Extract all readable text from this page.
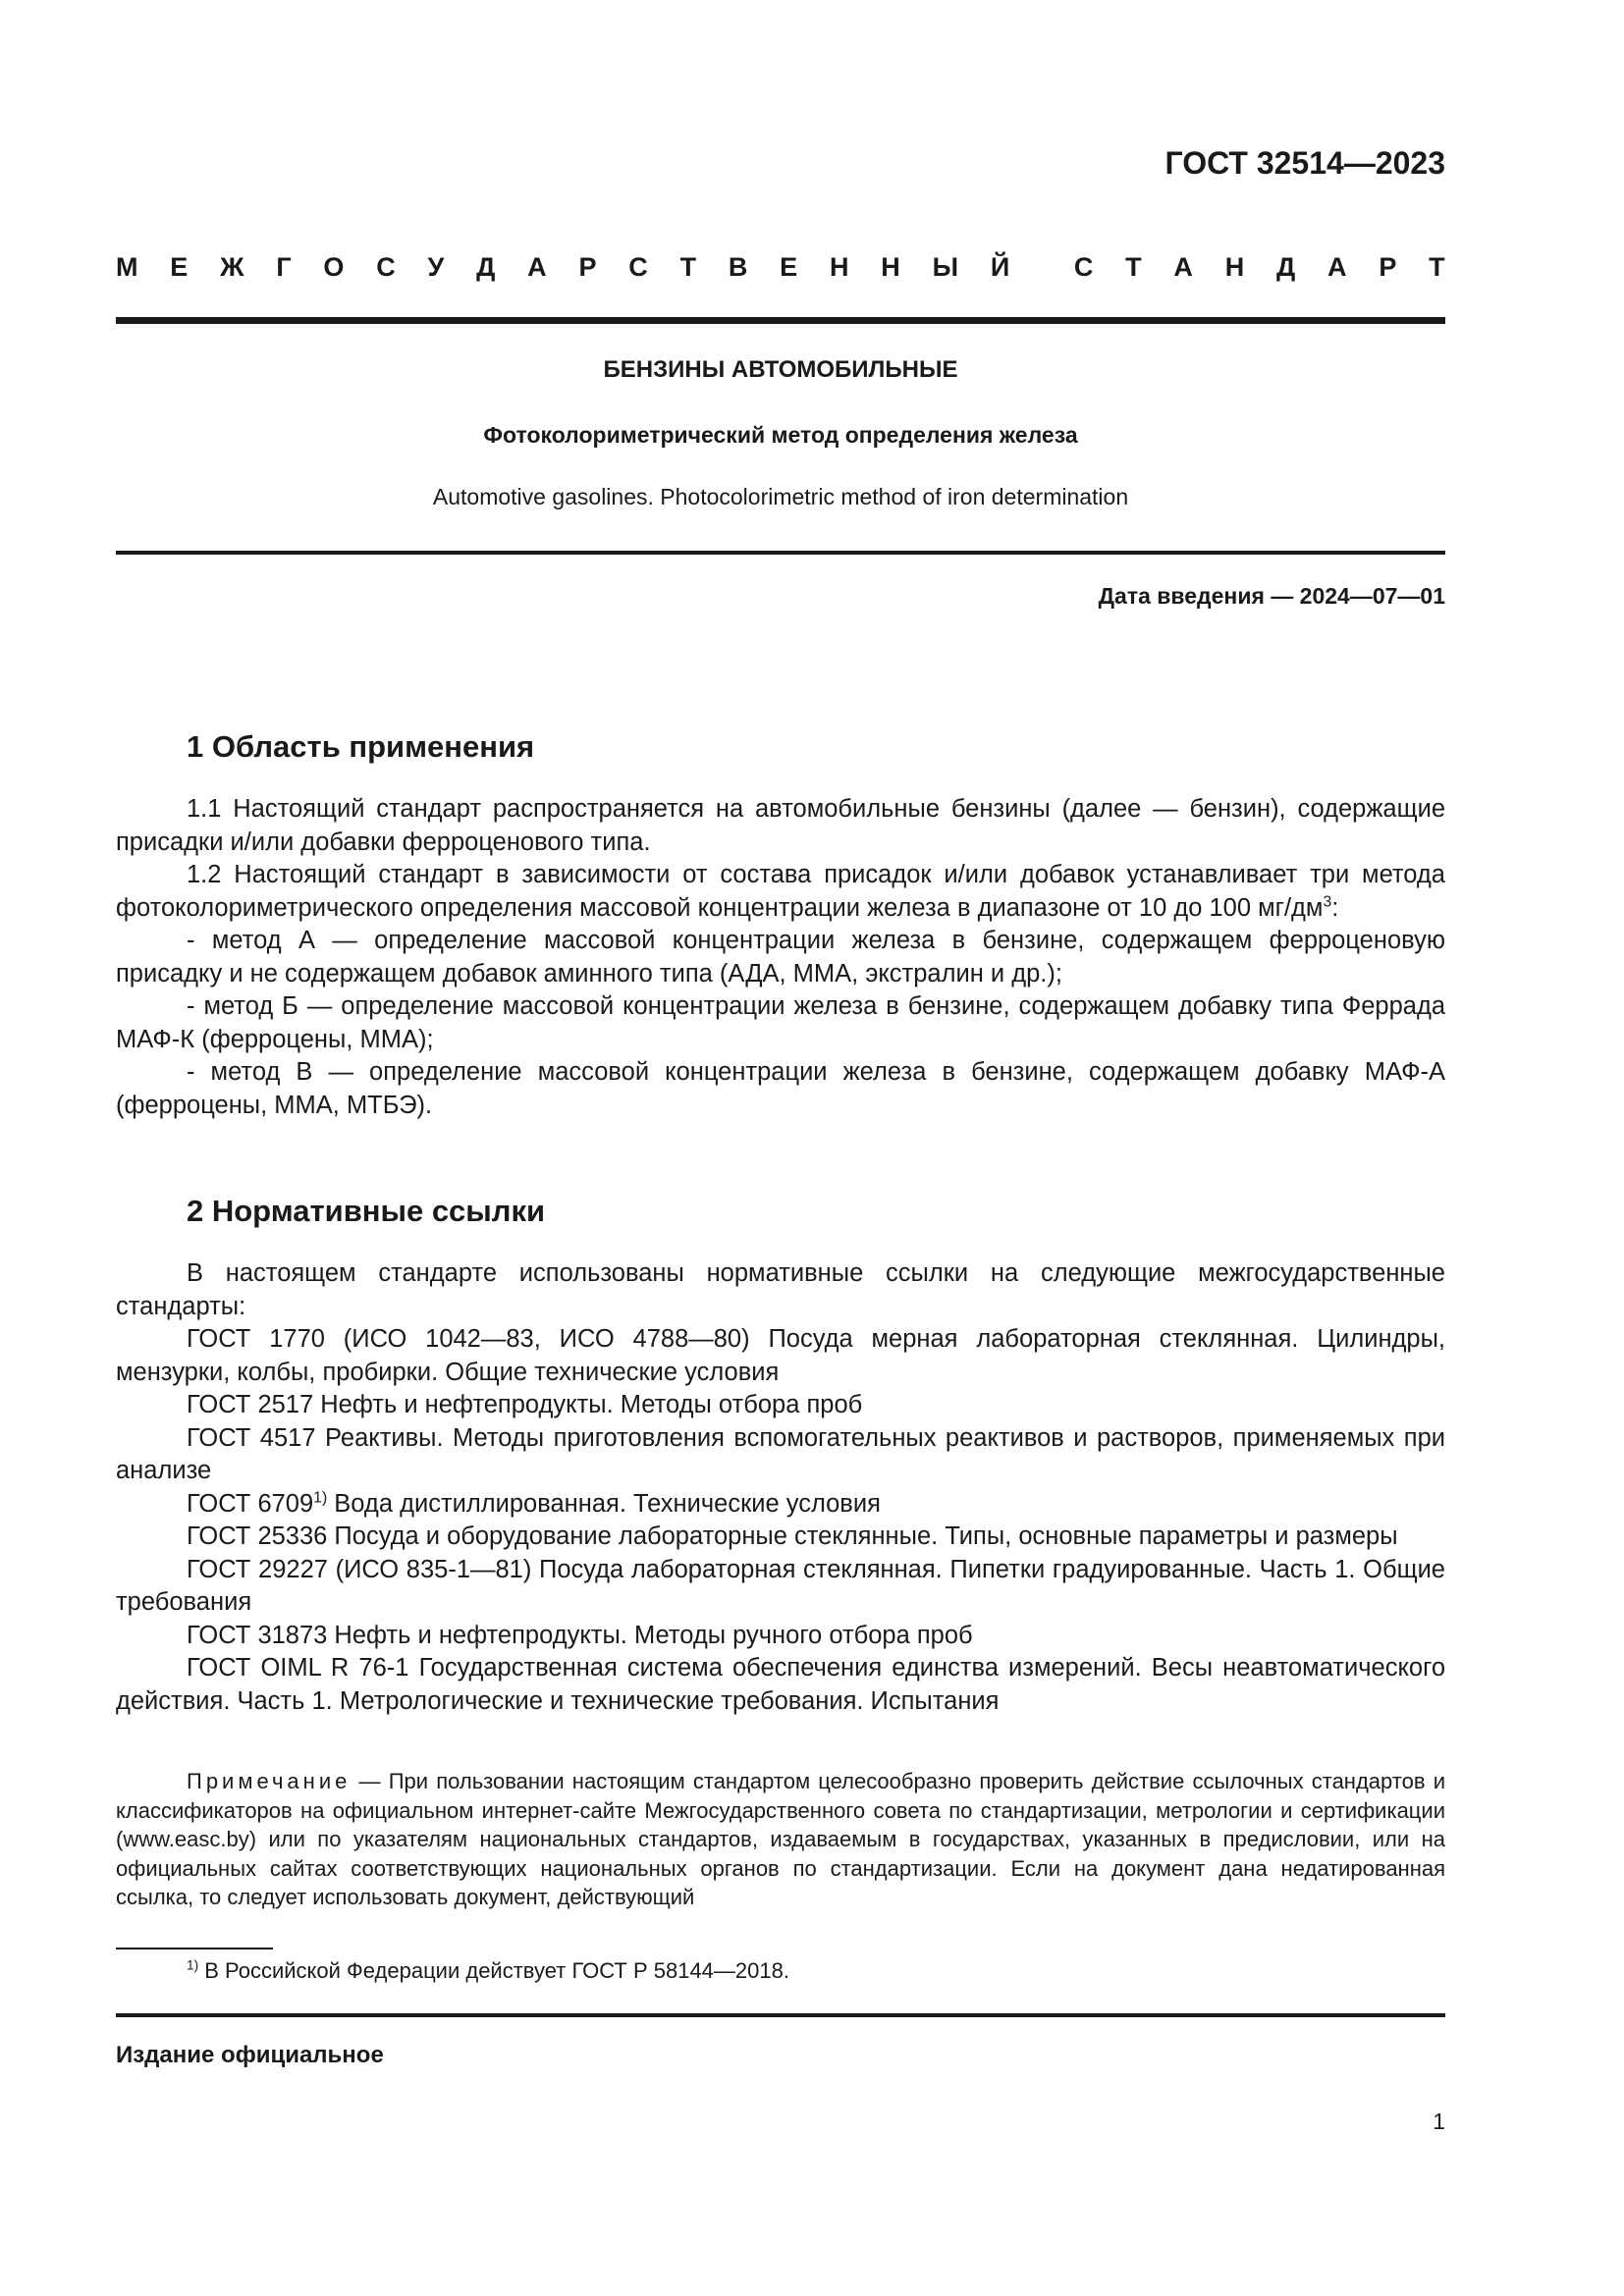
ГОСТ 32514—2023
М Е Ж Г О С У Д А Р С Т В Е Н Н Ы Й С Т А Н Д А Р Т
БЕНЗИНЫ АВТОМОБИЛЬНЫЕ
Фотоколориметрический метод определения железа
Automotive gasolines. Photocolorimetric method of iron determination
Дата введения — 2024—07—01
1 Область применения

1.1 Настоящий стандарт распространяется на автомобильные бензины (далее — бензин), содержащие присадки и/или добавки ферроценового типа.

1.2 Настоящий стандарт в зависимости от состава присадок и/или добавок устанавливает три метода фотоколориметрического определения массовой концентрации железа в диапазоне от 10 до 100 $мг/дм^3$:

- метод А — определение массовой концентрации железа в бензине, содержащем ферроценовую присадку и не содержащем добавок аминного типа (АДА, ММА, экстралин и др.);

- метод Б — определение массовой концентрации железа в бензине, содержащем добавку типа Феррада МАФ-К (ферроцены, ММА);

- метод В — определение массовой концентрации железа в бензине, содержащем добавку МАФ-А (ферроцены, ММА, МТБЭ).

2 Нормативные ссылки

В настоящем стандарте использованы нормативные ссылки на следующие межгосударственные стандарты:

ГОСТ 1770 (ИСО 1042—83, ИСО 4788—80) Посуда мерная лабораторная стеклянная. Цилиндры, мензурки, колбы, пробирки. Общие технические условия

ГОСТ 2517 Нефть и нефтепродукты. Методы отбора проб

ГОСТ 4517 Реактивы. Методы приготовления вспомогательных реактивов и растворов, применяемых при анализе

ГОСТ 6709$^{1)}$ Вода дистиллированная. Технические условия

ГОСТ 25336 Посуда и оборудование лабораторные стеклянные. Типы, основные параметры и размеры

ГОСТ 29227 (ИСО 835-1—81) Посуда лабораторная стеклянная. Пипетки градуированные. Часть 1. Общие требования

ГОСТ 31873 Нефть и нефтепродукты. Методы ручного отбора проб

ГОСТ OIML R 76-1 Государственная система обеспечения единства измерений. Весы неавтоматического действия. Часть 1. Метрологические и технические требования. Испытания

Примечание — При пользовании настоящим стандартом целесообразно проверить действие ссылочных стандартов и классификаторов на официальном интернет-сайте Межгосударственного совета по стандартизации, метрологии и сертификации (www.easc.by) или по указателям национальных стандартов, издаваемым в государствах, указанных в предисловии, или на официальных сайтах соответствующих национальных органов по стандартизации. Если на документ дана недатированная ссылка, то следует использовать документ, действующий

$^{1)}$ В Российской Федерации действует ГОСТ Р 58144—2018.
Издание официальное
1
